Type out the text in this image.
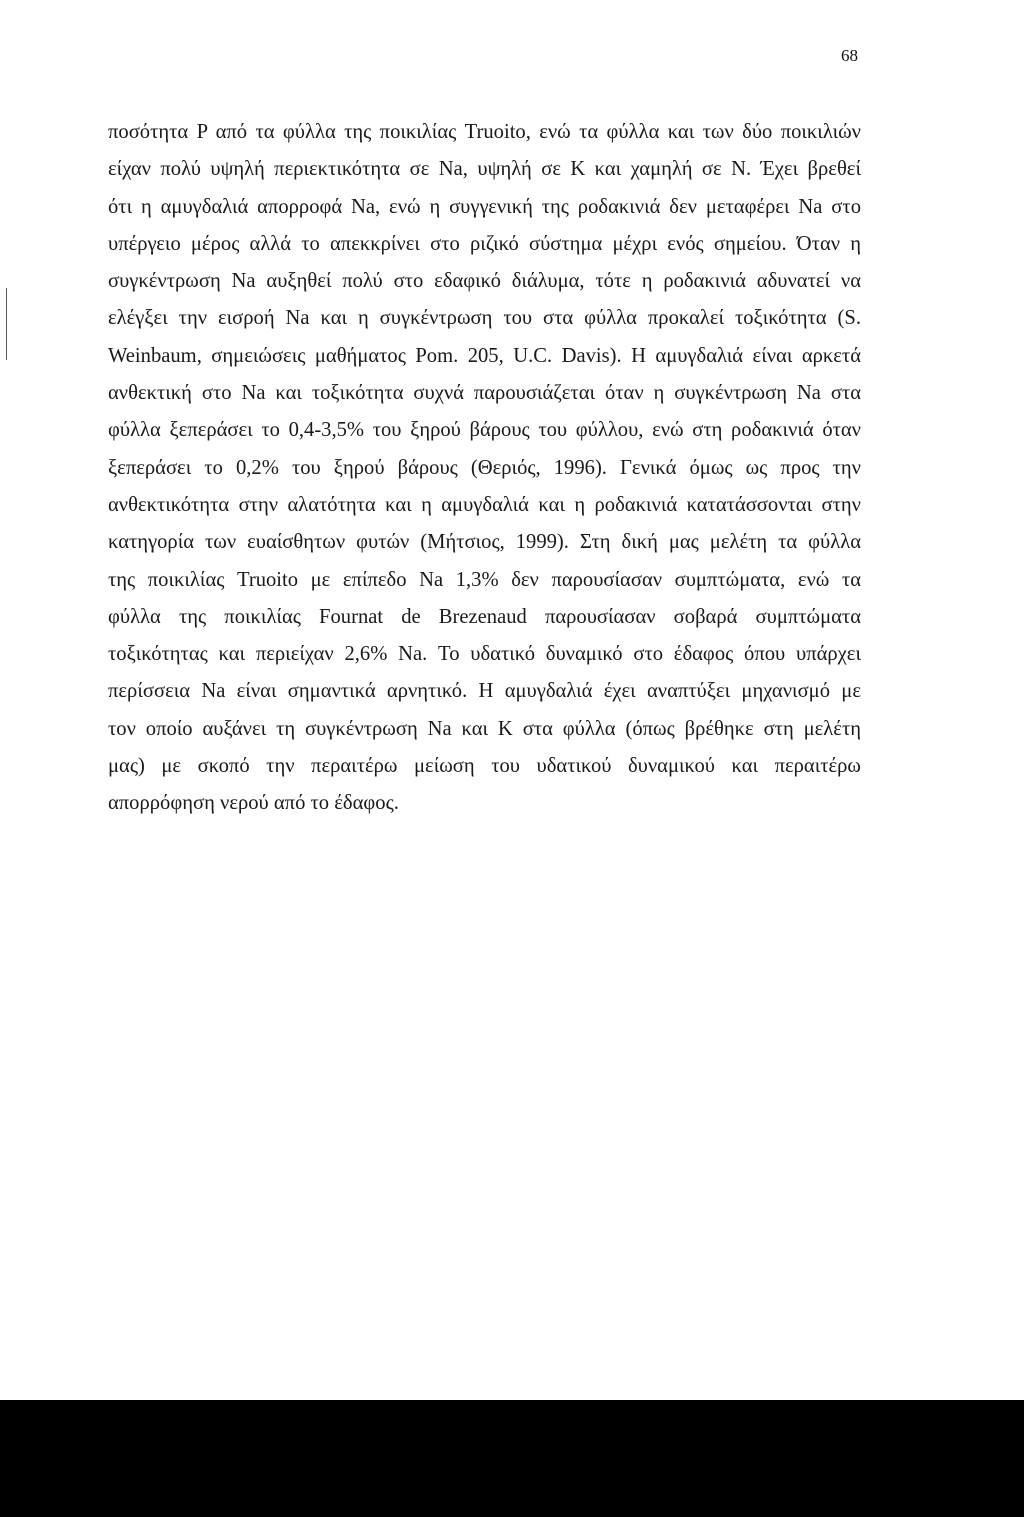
68
ποσότητα P από τα φύλλα της ποικιλίας Truoito, ενώ τα φύλλα και των δύο ποικιλιών
είχαν πολύ υψηλή περιεκτικότητα σε Na, υψηλή σε K και χαμηλή σε N. Έχει βρεθεί
ότι η αμυγδαλιά απορροφά Na, ενώ η συγγενική της ροδακινιά δεν μεταφέρει Na στο
υπέργειο μέρος αλλά το απεκκρίνει στο ριζικό σύστημα μέχρι ενός σημείου. Όταν η
συγκέντρωση Na αυξηθεί πολύ στο εδαφικό διάλυμα, τότε η ροδακινιά αδυνατεί να
ελέγξει την εισροή Na και η συγκέντρωση του στα φύλλα προκαλεί τοξικότητα (S.
Weinbaum, σημειώσεις μαθήματος Pom. 205, U.C. Davis). Η αμυγδαλιά είναι αρκετά
ανθεκτική στο Na και τοξικότητα συχνά παρουσιάζεται όταν η συγκέντρωση Na στα
φύλλα ξεπεράσει το 0,4-3,5% του ξηρού βάρους του φύλλου, ενώ στη ροδακινιά όταν
ξεπεράσει το 0,2% του ξηρού βάρους (Θεριός, 1996). Γενικά όμως ως προς την
ανθεκτικότητα στην αλατότητα και η αμυγδαλιά και η ροδακινιά κατατάσσονται στην
κατηγορία των ευαίσθητων φυτών (Μήτσιος, 1999). Στη δική μας μελέτη τα φύλλα
της ποικιλίας Truoito με επίπεδο Na 1,3% δεν παρουσίασαν συμπτώματα, ενώ τα
φύλλα της ποικιλίας Fournat de Brezenaud παρουσίασαν σοβαρά συμπτώματα
τοξικότητας και περιείχαν 2,6% Na. Το υδατικό δυναμικό στο έδαφος όπου υπάρχει
περίσσεια Na είναι σημαντικά αρνητικό. Η αμυγδαλιά έχει αναπτύξει μηχανισμό με
τον οποίο αυξάνει τη συγκέντρωση Na και K στα φύλλα (όπως βρέθηκε στη μελέτη
μας) με σκοπό την περαιτέρω μείωση του υδατικού δυναμικού και περαιτέρω
απορρόφηση νερού από το έδαφος.
